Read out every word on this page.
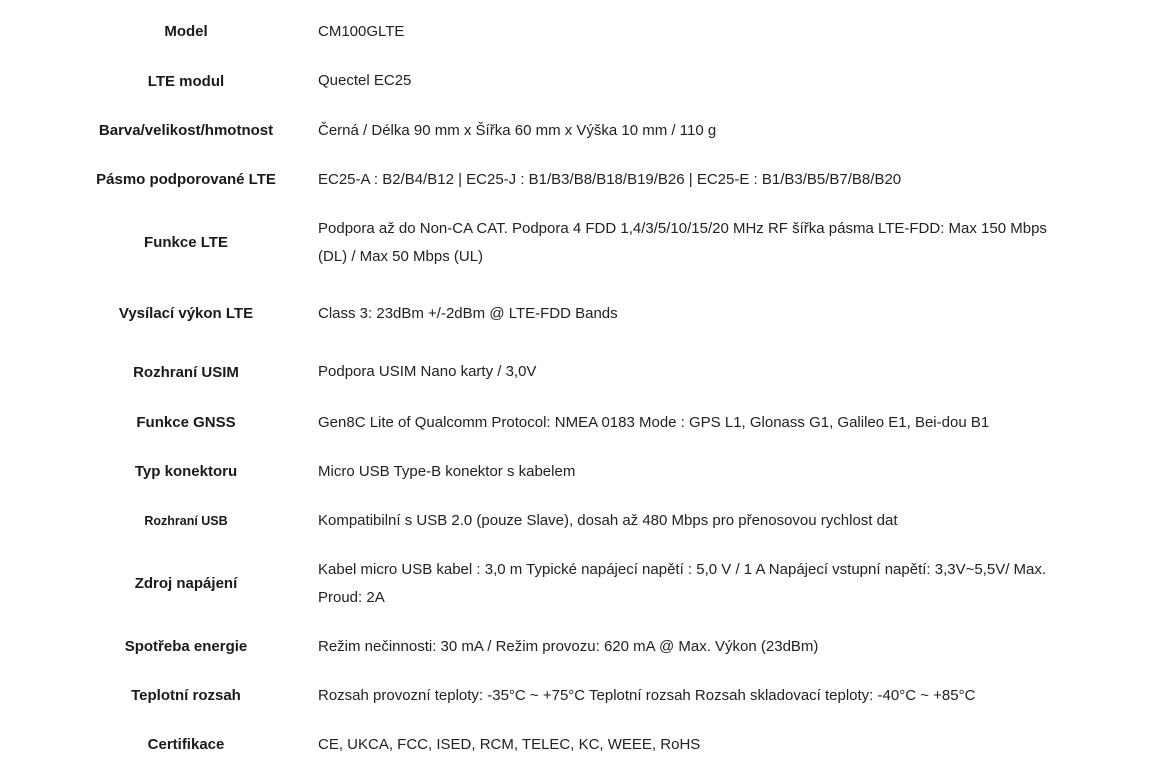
Model		CM100GLTE
LTE modul		Quectel EC25
Barva/velikost/hmotnost		Černá / Délka 90 mm x Šířka 60 mm x Výška 10 mm / 110 g
Pásmo podporované LTE		EC25-A : B2/B4/B12 | EC25-J : B1/B3/B8/B18/B19/B26 | EC25-E : B1/B3/B5/B7/B8/B20
Funkce LTE		Podpora až do Non-CA CAT. Podpora 4 FDD 1,4/3/5/10/15/20 MHz RF šířka pásma LTE-FDD: Max 150 Mbps (DL) / Max 50 Mbps (UL)
Vysílací výkon LTE		Class 3: 23dBm +/-2dBm @ LTE-FDD Bands
Rozhraní USIM		Podpora USIM Nano karty / 3,0V
Funkce GNSS		Gen8C Lite of Qualcomm Protocol: NMEA 0183 Mode : GPS L1, Glonass G1, Galileo E1, Bei-dou B1
Typ konektoru		Micro USB Type-B konektor s kabelem
Rozhraní USB		Kompatibilní s USB 2.0 (pouze Slave), dosah až 480 Mbps pro přenosovou rychlost dat
Zdroj napájení		Kabel micro USB kabel : 3,0 m Typické napájecí napětí : 5,0 V / 1 A Napájecí vstupní napětí: 3,3V~5,5V/ Max. Proud: 2A
Spotřeba energie		Režim nečinnosti: 30 mA / Režim provozu: 620 mA @ Max. Výkon (23dBm)
Teplotní rozsah		Rozsah provozní teploty: -35°C ~ +75°C Teplotní rozsah Rozsah skladovací teploty: -40°C ~ +85°C
Certifikace		CE, UKCA, FCC, ISED, RCM, TELEC, KC, WEEE, RoHS
